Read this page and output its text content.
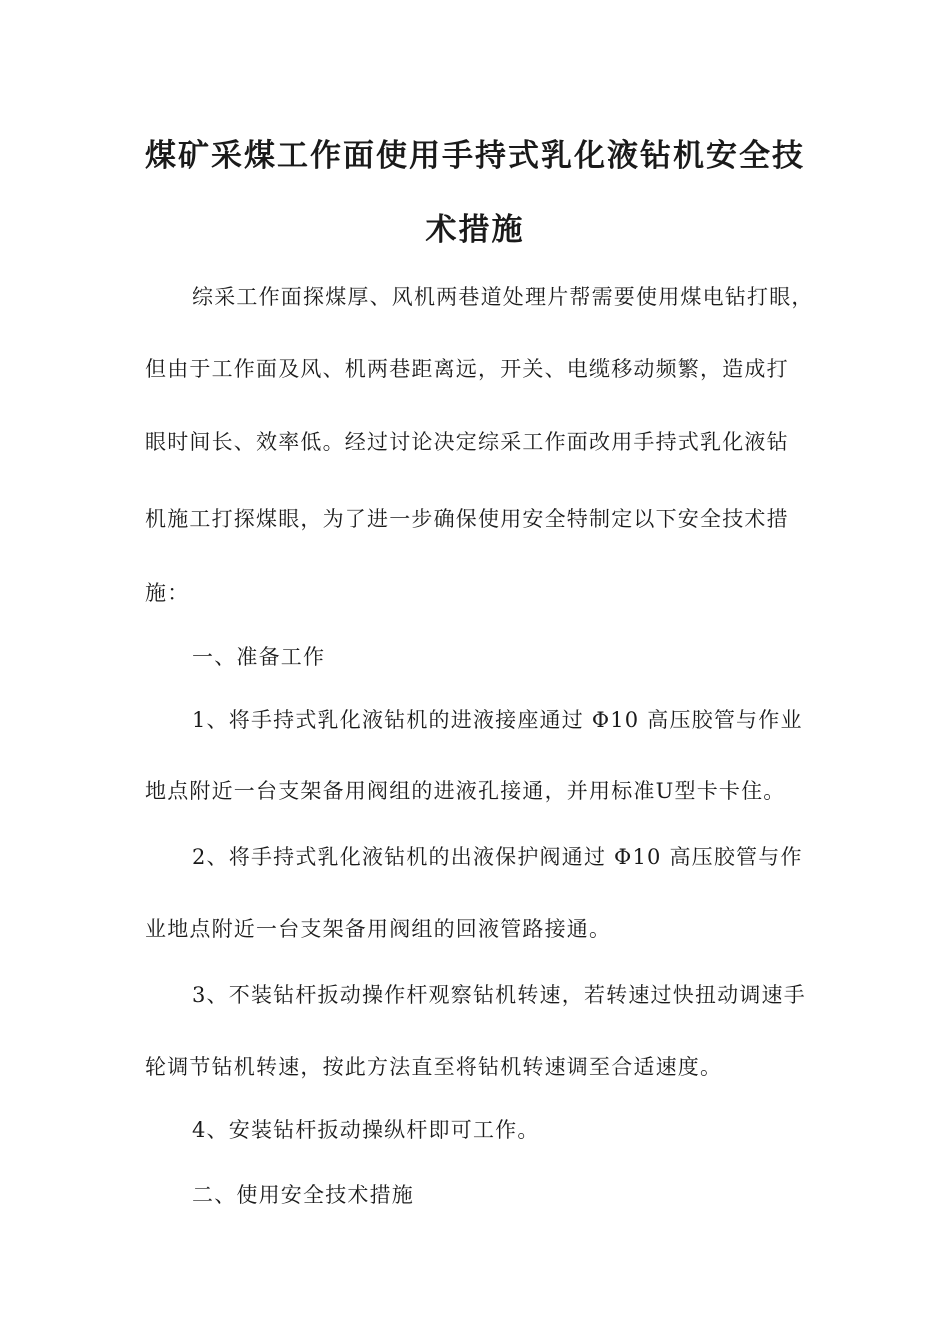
煤矿采煤工作面使用手持式乳化液钻机安全技
术措施

综采工作面探煤厚、风机两巷道处理片帮需要使用煤电钻打眼，

但由于工作面及风、机两巷距离远，开关、电缆移动频繁，造成打

眼时间长、效率低。经过讨论决定综采工作面改用手持式乳化液钻

机施工打探煤眼，为了进一步确保使用安全特制定以下安全技术措

施：

一、准备工作

1、将手持式乳化液钻机的进液接座通过 Φ10 高压胶管与作业

地点附近一台支架备用阀组的进液孔接通，并用标准U型卡卡住。

2、将手持式乳化液钻机的出液保护阀通过 Φ10 高压胶管与作

业地点附近一台支架备用阀组的回液管路接通。

3、不装钻杆扳动操作杆观察钻机转速，若转速过快扭动调速手

轮调节钻机转速，按此方法直至将钻机转速调至合适速度。

4、安装钻杆扳动操纵杆即可工作。

二、使用安全技术措施
